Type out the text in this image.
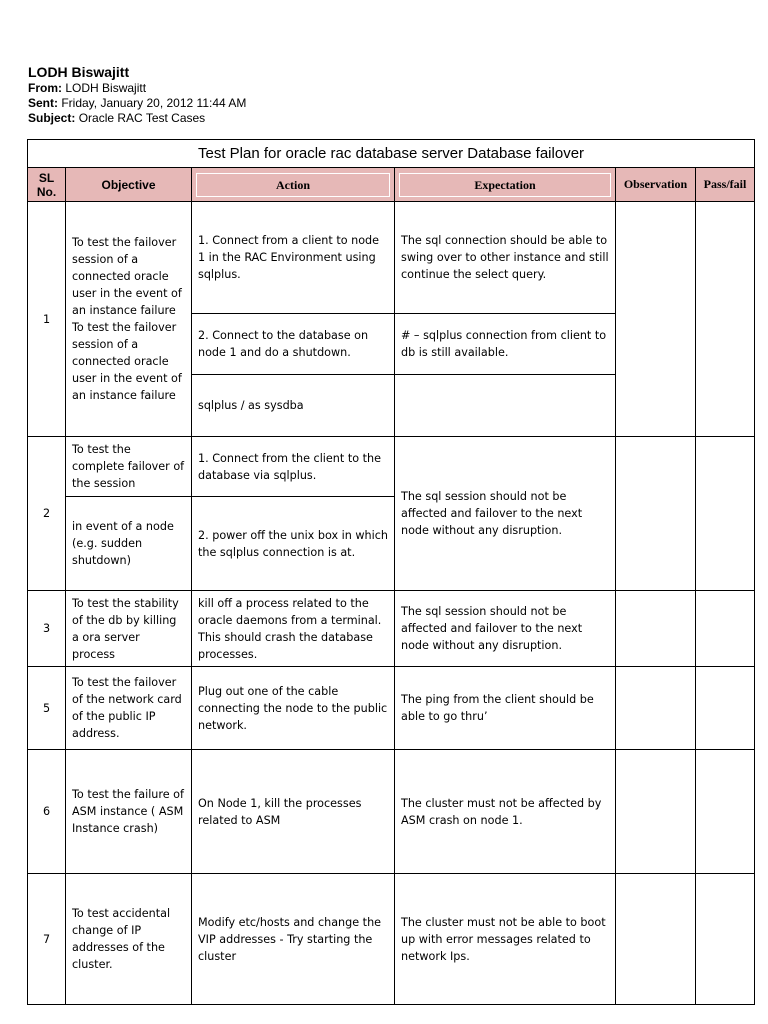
LODH Biswajitt
From: LODH Biswajitt
Sent: Friday, January 20, 2012 11:44 AM
Subject: Oracle RAC Test Cases
Test Plan for oracle rac database server Database failover					
SL No.	Objective	Action	Expectation	Observation	Pass/fail
1	To test the failover session of a connected oracle user in the event of an instance failure To test the failover session of a connected oracle user in the event of an instance failure	1. Connect from a client to node 1 in the RAC Environment using sqlplus.	The sql connection should be able to swing over to other instance and still continue the select query.		
		2. Connect to the database on node 1 and do a shutdown.	# – sqlplus connection from client to db is still available.		
		sqlplus / as sysdba			
2	To test the complete failover of the session	1. Connect from the client to the database via sqlplus.	The sql session should not be affected and failover to the next node without any disruption.		
	in event of a node (e.g. sudden shutdown)	2. power off the unix box in which the sqlplus connection is at.			
3	To test the stability of the db by killing a ora server process	kill off a process related to the oracle daemons from a terminal. This should crash the database processes.	The sql session should not be affected and failover to the next node without any disruption.		
5	To test the failover of the network card of the public IP address.	Plug out one of the cable connecting the node to the public network.	The ping from the client should be able to go thru’		
6	To test the failure of ASM instance ( ASM Instance crash)	On Node 1, kill the processes related to ASM	The cluster must not be affected by ASM crash on node 1.		
7	To test accidental change of IP addresses of the cluster.	Modify etc/hosts and change the VIP addresses - Try starting the cluster	The cluster must not be able to boot up with error messages related to network Ips.		
